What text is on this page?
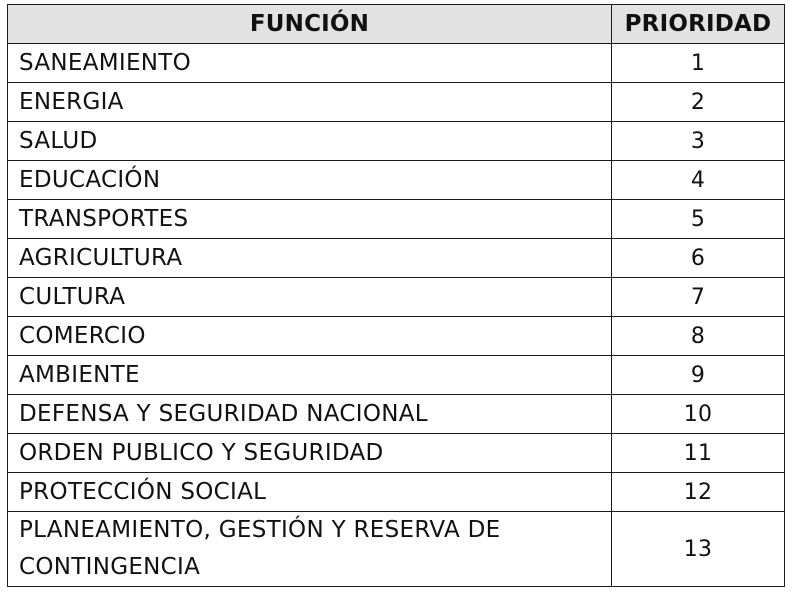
FUNCIÓN	PRIORIDAD
SANEAMIENTO	1
ENERGIA	2
SALUD	3
EDUCACIÓN	4
TRANSPORTES	5
AGRICULTURA	6
CULTURA	7
COMERCIO	8
AMBIENTE	9
DEFENSA Y SEGURIDAD NACIONAL	10
ORDEN PUBLICO Y SEGURIDAD	11
PROTECCIÓN SOCIAL	12
PLANEAMIENTO, GESTIÓN Y RESERVA DE CONTINGENCIA	13
